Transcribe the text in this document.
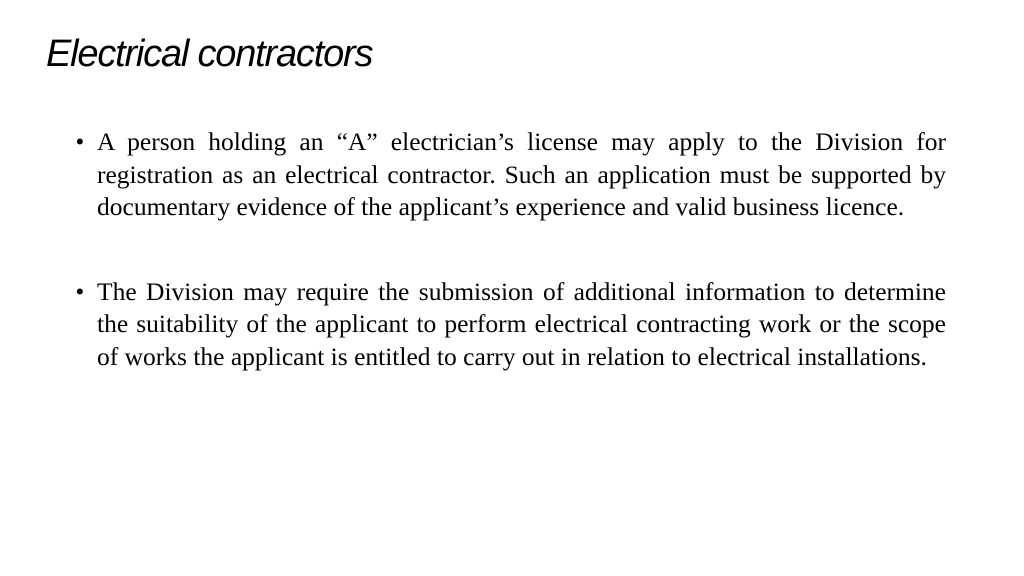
Electrical contractors
• A person holding an “A” electrician’s license may apply to the Division for registration as an electrical contractor. Such an application must be supported by documentary evidence of the applicant’s experience and valid business licence.

• The Division may require the submission of additional information to determine the suitability of the applicant to perform electrical contracting work or the scope of works the applicant is entitled to carry out in relation to electrical installations.
